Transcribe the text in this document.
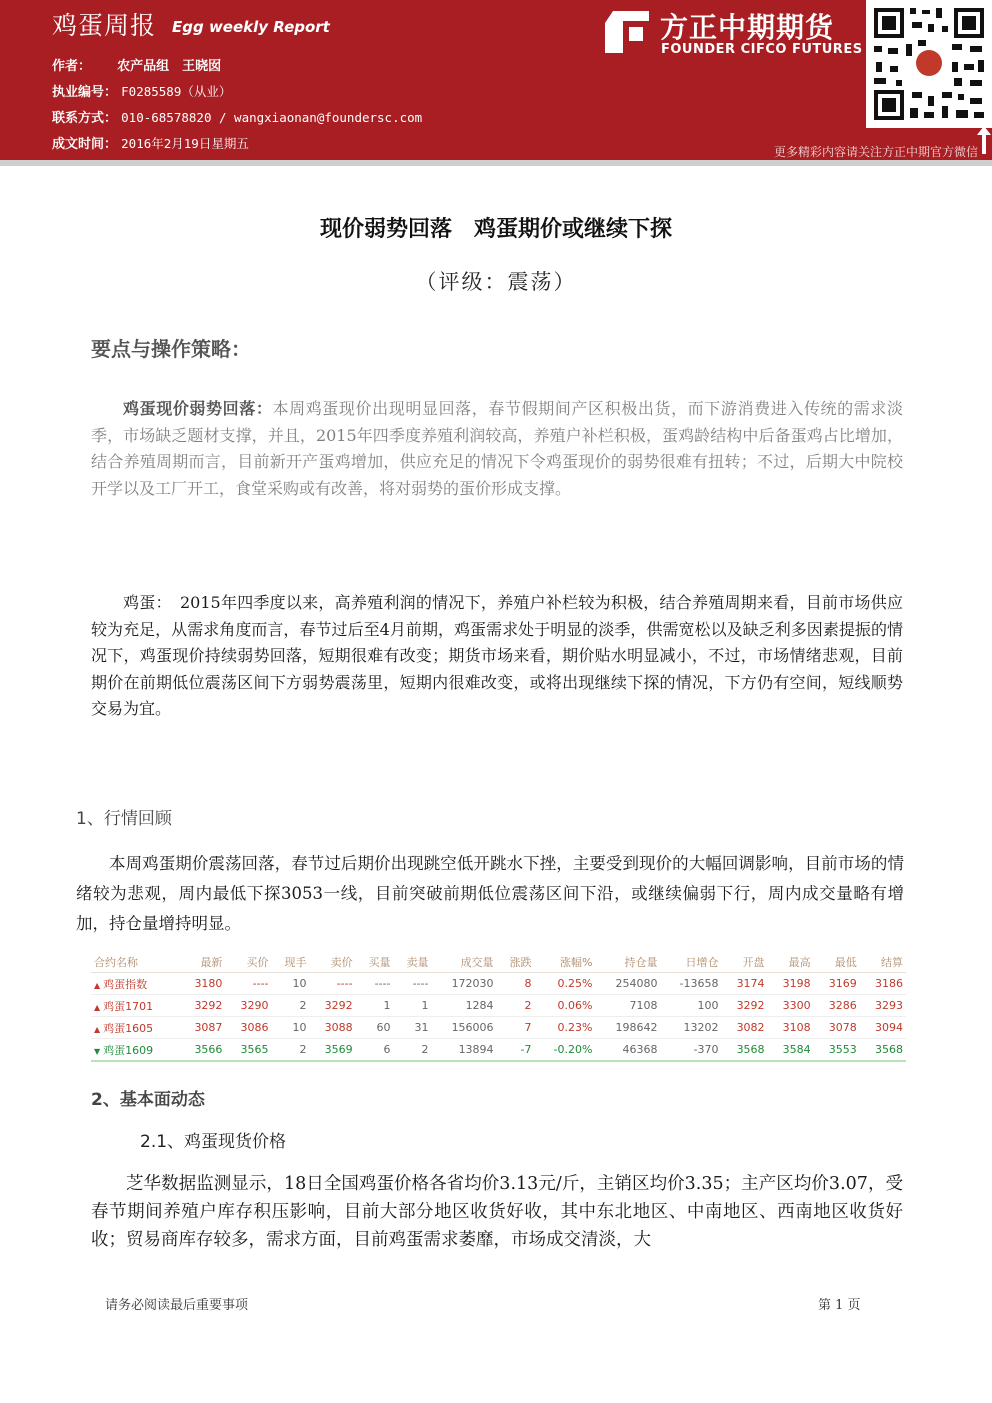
鸡蛋周报 Egg weekly Report
作者： 农产品组　王晓囡
执业编号： F0285589（从业）
联系方式： 010-68578820 / wangxiaonan@foundersc.com
成文时间： 2016年2月19日星期五
方正中期期货
FOUNDER CIFCO FUTURES
更多精彩内容请关注方正中期官方微信
现价弱势回落　鸡蛋期价或继续下探
（评级：震荡）
要点与操作策略：
鸡蛋现价弱势回落：本周鸡蛋现价出现明显回落，春节假期间产区积极出货，而下游消费进入传统的需求淡季，市场缺乏题材支撑，并且，2015年四季度养殖利润较高，养殖户补栏积极，蛋鸡龄结构中后备蛋鸡占比增加，结合养殖周期而言，目前新开产蛋鸡增加，供应充足的情况下令鸡蛋现价的弱势很难有扭转；不过，后期大中院校开学以及工厂开工，食堂采购或有改善，将对弱势的蛋价形成支撑。
鸡蛋：　2015年四季度以来，高养殖利润的情况下，养殖户补栏较为积极，结合养殖周期来看，目前市场供应较为充足，从需求角度而言，春节过后至4月前期，鸡蛋需求处于明显的淡季，供需宽松以及缺乏利多因素提振的情况下，鸡蛋现价持续弱势回落，短期很难有改变；期货市场来看，期价贴水明显减小，不过，市场情绪悲观，目前期价在前期低位震荡区间下方弱势震荡里，短期内很难改变，或将出现继续下探的情况，下方仍有空间，短线顺势交易为宜。
1、行情回顾
本周鸡蛋期价震荡回落，春节过后期价出现跳空低开跳水下挫，主要受到现价的大幅回调影响，目前市场的情绪较为悲观，周内最低下探3053一线，目前突破前期低位震荡区间下沿，或继续偏弱下行，周内成交量略有增加，持仓量增持明显。
合约名称	最新	买价	现手	卖价	买量	卖量	成交量	涨跌	涨幅%	持仓量	日增仓	开盘	最高	最低	结算
▲ 鸡蛋指数	3180	----	10	----	----	----	172030	8	0.25%	254080	-13658	3174	3198	3169	3186
▲ 鸡蛋1701	3292	3290	2	3292	1	1	1284	2	0.06%	7108	100	3292	3300	3286	3293
▲ 鸡蛋1605	3087	3086	10	3088	60	31	156006	7	0.23%	198642	13202	3082	3108	3078	3094
▼ 鸡蛋1609	3566	3565	2	3569	6	2	13894	-7	-0.20%	46368	-370	3568	3584	3553	3568
2、基本面动态
2.1、鸡蛋现货价格
芝华数据监测显示，18日全国鸡蛋价格各省均价3.13元/斤，主销区均价3.35；主产区均价3.07，受春节期间养殖户库存积压影响，目前大部分地区收货好收，其中东北地区、中南地区、西南地区收货好收；贸易商库存较多，需求方面，目前鸡蛋需求萎靡，市场成交清淡，大
请务必阅读最后重要事项	第 1 页
